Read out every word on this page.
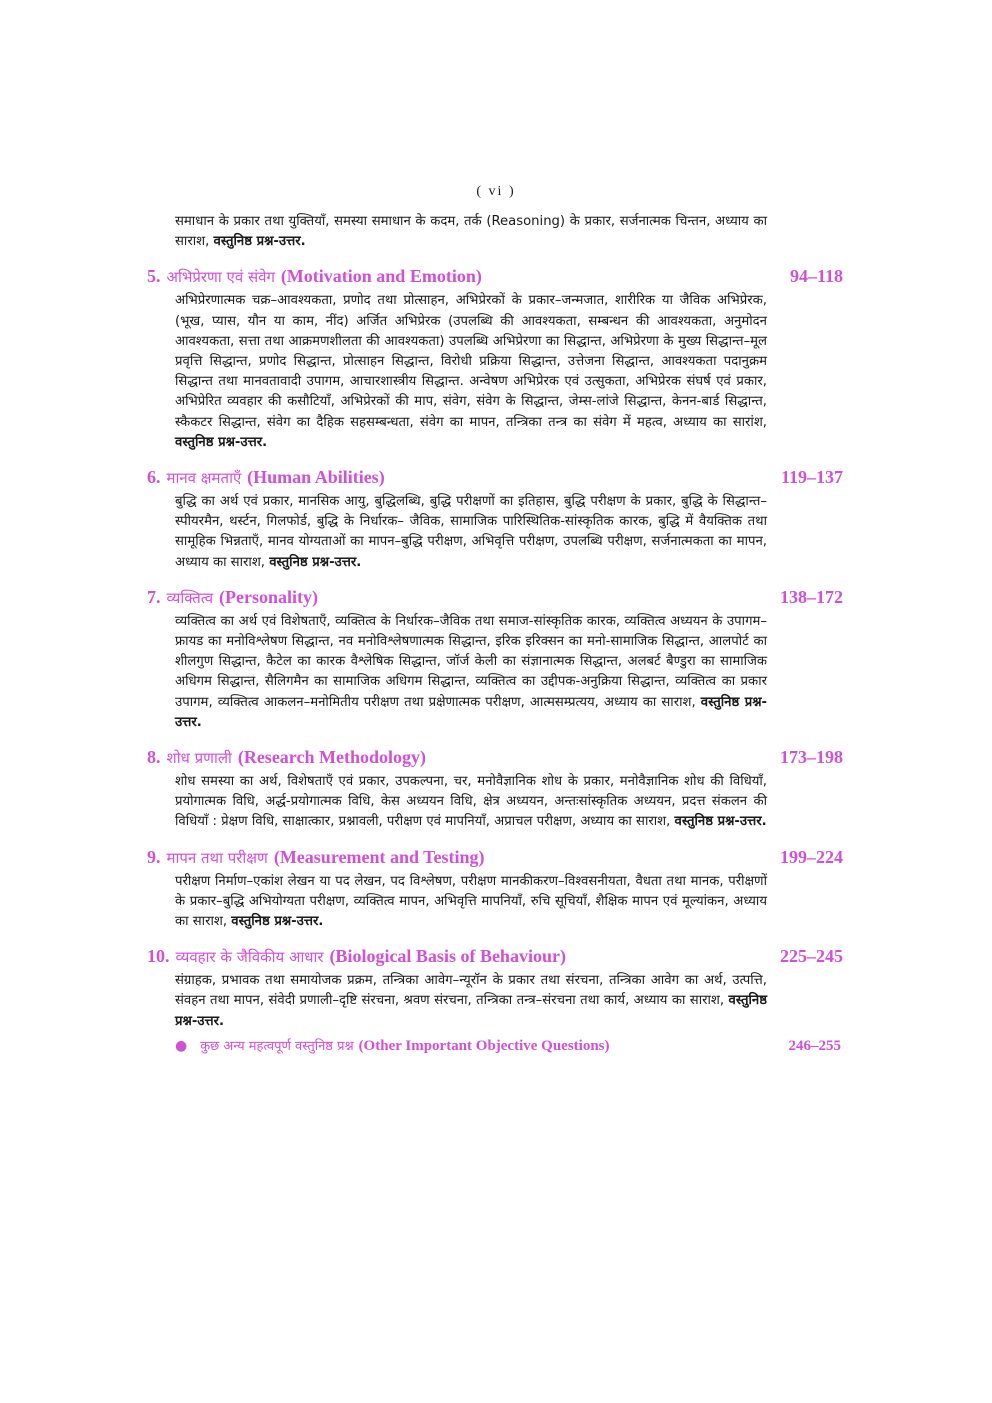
( vi )
समाधान के प्रकार तथा युक्तियाँ, समस्या समाधान के कदम, तर्क (Reasoning) के प्रकार, सर्जनात्मक चिन्तन, अध्याय का साराश, वस्तुनिष्ठ प्रश्न-उत्तर.
5. अभिप्रेरणा एवं संवेग (Motivation and Emotion)	94–118
अभिप्रेरणात्मक चक्र–आवश्यकता, प्रणोद तथा प्रोत्साहन, अभिप्रेरकों के प्रकार–जन्मजात, शारीरिक या जैविक अभिप्रेरक, (भूख, प्यास, यौन या काम, नींद) अर्जित अभिप्रेरक (उपलब्धि की आवश्यकता, सम्बन्धन की आवश्यकता, अनुमोदन आवश्यकता, सत्ता तथा आक्रमणशीलता की आवश्यकता) उपलब्धि अभिप्रेरणा का सिद्धान्त, अभिप्रेरणा के मुख्य सिद्धान्त–मूल प्रवृत्ति सिद्धान्त, प्रणोद सिद्धान्त, प्रोत्साहन सिद्धान्त, विरोधी प्रक्रिया सिद्धान्त, उत्तेजना सिद्धान्त, आवश्यकता पदानुक्रम सिद्धान्त तथा मानवतावादी उपागम, आचारशास्त्रीय सिद्धान्त. अन्वेषण अभिप्रेरक एवं उत्सुकता, अभिप्रेरक संघर्ष एवं प्रकार, अभिप्रेरित व्यवहार की कसौटियाँ, अभिप्रेरकों की माप, संवेग, संवेग के सिद्धान्त, जेम्स-लांजे सिद्धान्त, केनन-बार्ड सिद्धान्त, स्कैकटर सिद्धान्त, संवेग का दैहिक सहसम्बन्धता, संवेग का मापन, तन्त्रिका तन्त्र का संवेग में महत्व, अध्याय का सारांश, वस्तुनिष्ठ प्रश्न-उत्तर.
6. मानव क्षमताएँ (Human Abilities)	119–137
बुद्धि का अर्थ एवं प्रकार, मानसिक आयु, बुद्धिलब्धि, बुद्धि परीक्षणों का इतिहास, बुद्धि परीक्षण के प्रकार, बुद्धि के सिद्धान्त–स्पीयरमैन, थर्स्टन, गिलफोर्ड, बुद्धि के निर्धारक– जैविक, सामाजिक पारिस्थितिक-सांस्कृतिक कारक, बुद्धि में वैयक्तिक तथा सामूहिक भिन्नताएँ, मानव योग्यताओं का मापन–बुद्धि परीक्षण, अभिवृत्ति परीक्षण, उपलब्धि परीक्षण, सर्जनात्मकता का मापन, अध्याय का साराश, वस्तुनिष्ठ प्रश्न-उत्तर.
7. व्यक्तित्व (Personality)	138–172
व्यक्तित्व का अर्थ एवं विशेषताएँ, व्यक्तित्व के निर्धारक–जैविक तथा समाज-सांस्कृतिक कारक, व्यक्तित्व अध्ययन के उपागम–फ्रायड का मनोविश्लेषण सिद्धान्त, नव मनोविश्लेषणात्मक सिद्धान्त, इरिक इरिक्सन का मनो-सामाजिक सिद्धान्त, आलपोर्ट का शीलगुण सिद्धान्त, कैटेल का कारक वैश्लेषिक सिद्धान्त, जॉर्ज केली का संज्ञानात्मक सिद्धान्त, अलबर्ट बैण्डुरा का सामाजिक अधिगम सिद्धान्त, सैलिगमैन का सामाजिक अधिगम सिद्धान्त, व्यक्तित्व का उद्दीपक-अनुक्रिया सिद्धान्त, व्यक्तित्व का प्रकार उपागम, व्यक्तित्व आकलन–मनोमितीय परीक्षण तथा प्रक्षेणात्मक परीक्षण, आत्मसम्प्रत्यय, अध्याय का साराश, वस्तुनिष्ठ प्रश्न-उत्तर.
8. शोध प्रणाली (Research Methodology)	173–198
शोध समस्या का अर्थ, विशेषताएँ एवं प्रकार, उपकल्पना, चर, मनोवैज्ञानिक शोध के प्रकार, मनोवैज्ञानिक शोध की विधियाँ, प्रयोगात्मक विधि, अर्द्ध-प्रयोगात्मक विधि, केस अध्ययन विधि, क्षेत्र अध्ययन, अन्तःसांस्कृतिक अध्ययन, प्रदत्त संकलन की विधियाँ : प्रेक्षण विधि, साक्षात्कार, प्रश्नावली, परीक्षण एवं मापनियाँ, अप्राचल परीक्षण, अध्याय का साराश, वस्तुनिष्ठ प्रश्न-उत्तर.
9. मापन तथा परीक्षण (Measurement and Testing)	199–224
परीक्षण निर्माण–एकांश लेखन या पद लेखन, पद विश्लेषण, परीक्षण मानकीकरण–विश्वसनीयता, वैधता तथा मानक, परीक्षणों के प्रकार–बुद्धि अभियोग्यता परीक्षण, व्यक्तित्व मापन, अभिवृत्ति मापनियाँ, रुचि सूचियाँ, शैक्षिक मापन एवं मूल्यांकन, अध्याय का साराश, वस्तुनिष्ठ प्रश्न-उत्तर.
10. व्यवहार के जैविकीय आधार (Biological Basis of Behaviour)	225–245
संग्राहक, प्रभावक तथा समायोजक प्रक्रम, तन्त्रिका आवेग–न्यूरॉन के प्रकार तथा संरचना, तन्त्रिका आवेग का अर्थ, उत्पत्ति, संवहन तथा मापन, संवेदी प्रणाली–दृष्टि संरचना, श्रवण संरचना, तन्त्रिका तन्त्र–संरचना तथा कार्य, अध्याय का साराश, वस्तुनिष्ठ प्रश्न-उत्तर.
● कुछ अन्य महत्वपूर्ण वस्तुनिष्ठ प्रश्न (Other Important Objective Questions)	246–255
